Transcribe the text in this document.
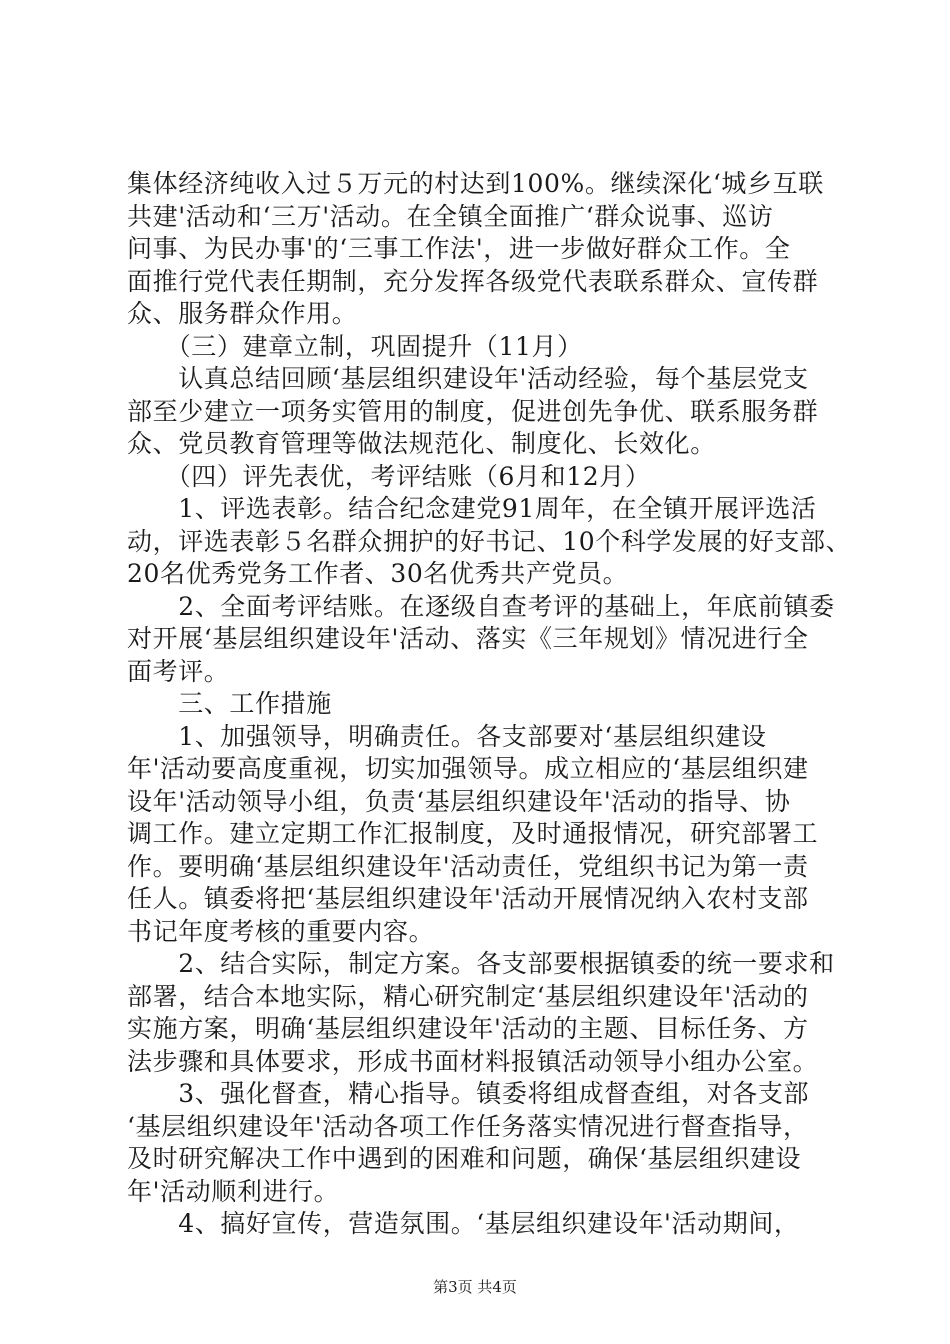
集体经济纯收入过５万元的村达到100%。继续深化‘城乡互联

共建'活动和‘三万'活动。在全镇全面推广‘群众说事、巡访

问事、为民办事'的‘三事工作法'，进一步做好群众工作。全

面推行党代表任期制，充分发挥各级党代表联系群众、宣传群

众、服务群众作用。

　　（三）建章立制，巩固提升（11月）

　　认真总结回顾‘基层组织建设年'活动经验，每个基层党支

部至少建立一项务实管用的制度，促进创先争优、联系服务群

众、党员教育管理等做法规范化、制度化、长效化。

　　（四）评先表优，考评结账（6月和12月）

　　1、评选表彰。结合纪念建党91周年，在全镇开展评选活

动，评选表彰５名群众拥护的好书记、10个科学发展的好支部、

20名优秀党务工作者、30名优秀共产党员。

　　2、全面考评结账。在逐级自查考评的基础上，年底前镇委

对开展‘基层组织建设年'活动、落实《三年规划》情况进行全

面考评。

　　三、工作措施

　　1、加强领导，明确责任。各支部要对‘基层组织建设

年'活动要高度重视，切实加强领导。成立相应的‘基层组织建

设年'活动领导小组，负责‘基层组织建设年'活动的指导、协

调工作。建立定期工作汇报制度，及时通报情况，研究部署工

作。要明确‘基层组织建设年'活动责任，党组织书记为第一责

任人。镇委将把‘基层组织建设年'活动开展情况纳入农村支部

书记年度考核的重要内容。

　　2、结合实际，制定方案。各支部要根据镇委的统一要求和

部署，结合本地实际，精心研究制定‘基层组织建设年'活动的

实施方案，明确‘基层组织建设年'活动的主题、目标任务、方

法步骤和具体要求，形成书面材料报镇活动领导小组办公室。

　　3、强化督查，精心指导。镇委将组成督查组，对各支部

‘基层组织建设年'活动各项工作任务落实情况进行督查指导，

及时研究解决工作中遇到的困难和问题，确保‘基层组织建设

年'活动顺利进行。

　　4、搞好宣传，营造氛围。‘基层组织建设年'活动期间，

第3页 共4页
